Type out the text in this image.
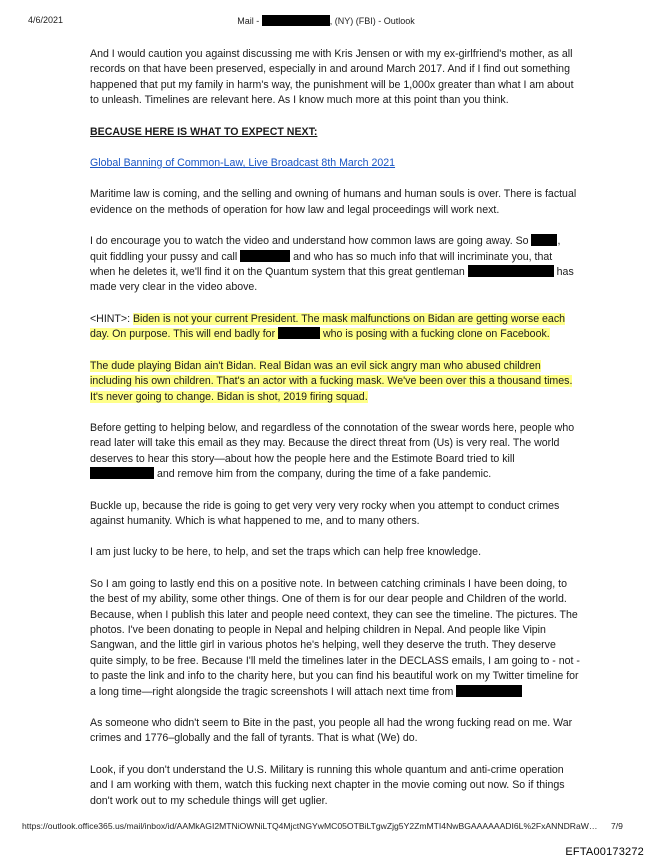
4/6/2021	Mail -	, (NY) (FBI) - Outlook

And I would caution you against discussing me with Kris Jensen or with my ex-girlfriend's mother, as all records on that have been preserved, especially in and around March 2017. And if I find out something happened that put my family in harm's way, the punishment will be 1,000x greater than what I am about to unleash. Timelines are relevant here. As I know much more at this point than you think.

BECAUSE HERE IS WHAT TO EXPECT NEXT:

Global Banning of Common-Law, Live Broadcast 8th March 2021

Maritime law is coming, and the selling and owning of humans and human souls is over. There is factual evidence on the methods of operation for how law and legal proceedings will work next.

I do encourage you to watch the video and understand how common laws are going away. So , quit fiddling your pussy and call	and who has so much info that will incriminate you, that when he deletes it, we'll find it on the Quantum system that this great gentleman	has made very clear in the video above.

<HINT>: Biden is not your current President. The mask malfunctions on Bidan are getting worse each day. On purpose. This will end badly for	who is posing with a fucking clone on Facebook.

The dude playing Bidan ain't Bidan. Real Bidan was an evil sick angry man who abused children including his own children. That's an actor with a fucking mask. We've been over this a thousand times. It's never going to change. Bidan is shot, 2019 firing squad.

Before getting to helping below, and regardless of the connotation of the swear words here, people who read later will take this email as they may. Because the direct threat from (Us) is very real. The world deserves to hear this story—about how the people here and the Estimote Board tried to kill  and remove him from the company, during the time of a fake pandemic.

Buckle up, because the ride is going to get very very very rocky when you attempt to conduct crimes against humanity. Which is what happened to me, and to many others.

I am just lucky to be here, to help, and set the traps which can help free knowledge.

So I am going to lastly end this on a positive note. In between catching criminals I have been doing, to the best of my ability, some other things. One of them is for our dear people and Children of the world. Because, when I publish this later and people need context, they can see the timeline. The pictures. The photos. I've been donating to people in Nepal and helping children in Nepal. And people like Vipin Sangwan, and the little girl in various photos he's helping, well they deserve the truth. They deserve quite simply, to be free. Because I'll meld the timelines later in the DECLASS emails, I am going to - not - to paste the link and info to the charity here, but you can find his beautiful work on my Twitter timeline for a long time—right alongside the tragic screenshots I will attach next time from

As someone who didn't seem to Bite in the past, you people all had the wrong fucking read on me. War crimes and 1776–globally and the fall of tyrants. That is what (We) do.

Look, if you don't understand the U.S. Military is running this whole quantum and anti-crime operation and I am working with them, watch this fucking next chapter in the movie coming out now. So if things don't work out to my schedule things will get uglier.

https://outlook.office365.us/mail/inbox/id/AAMkAGI2MTNiOWNiLTQ4MjctNGYwMC05OTBiLTgwZjg5Y2ZmMTI4NwBGAAAAAADI6L%2FxANNDRaW… 7/9
EFTA00173272
